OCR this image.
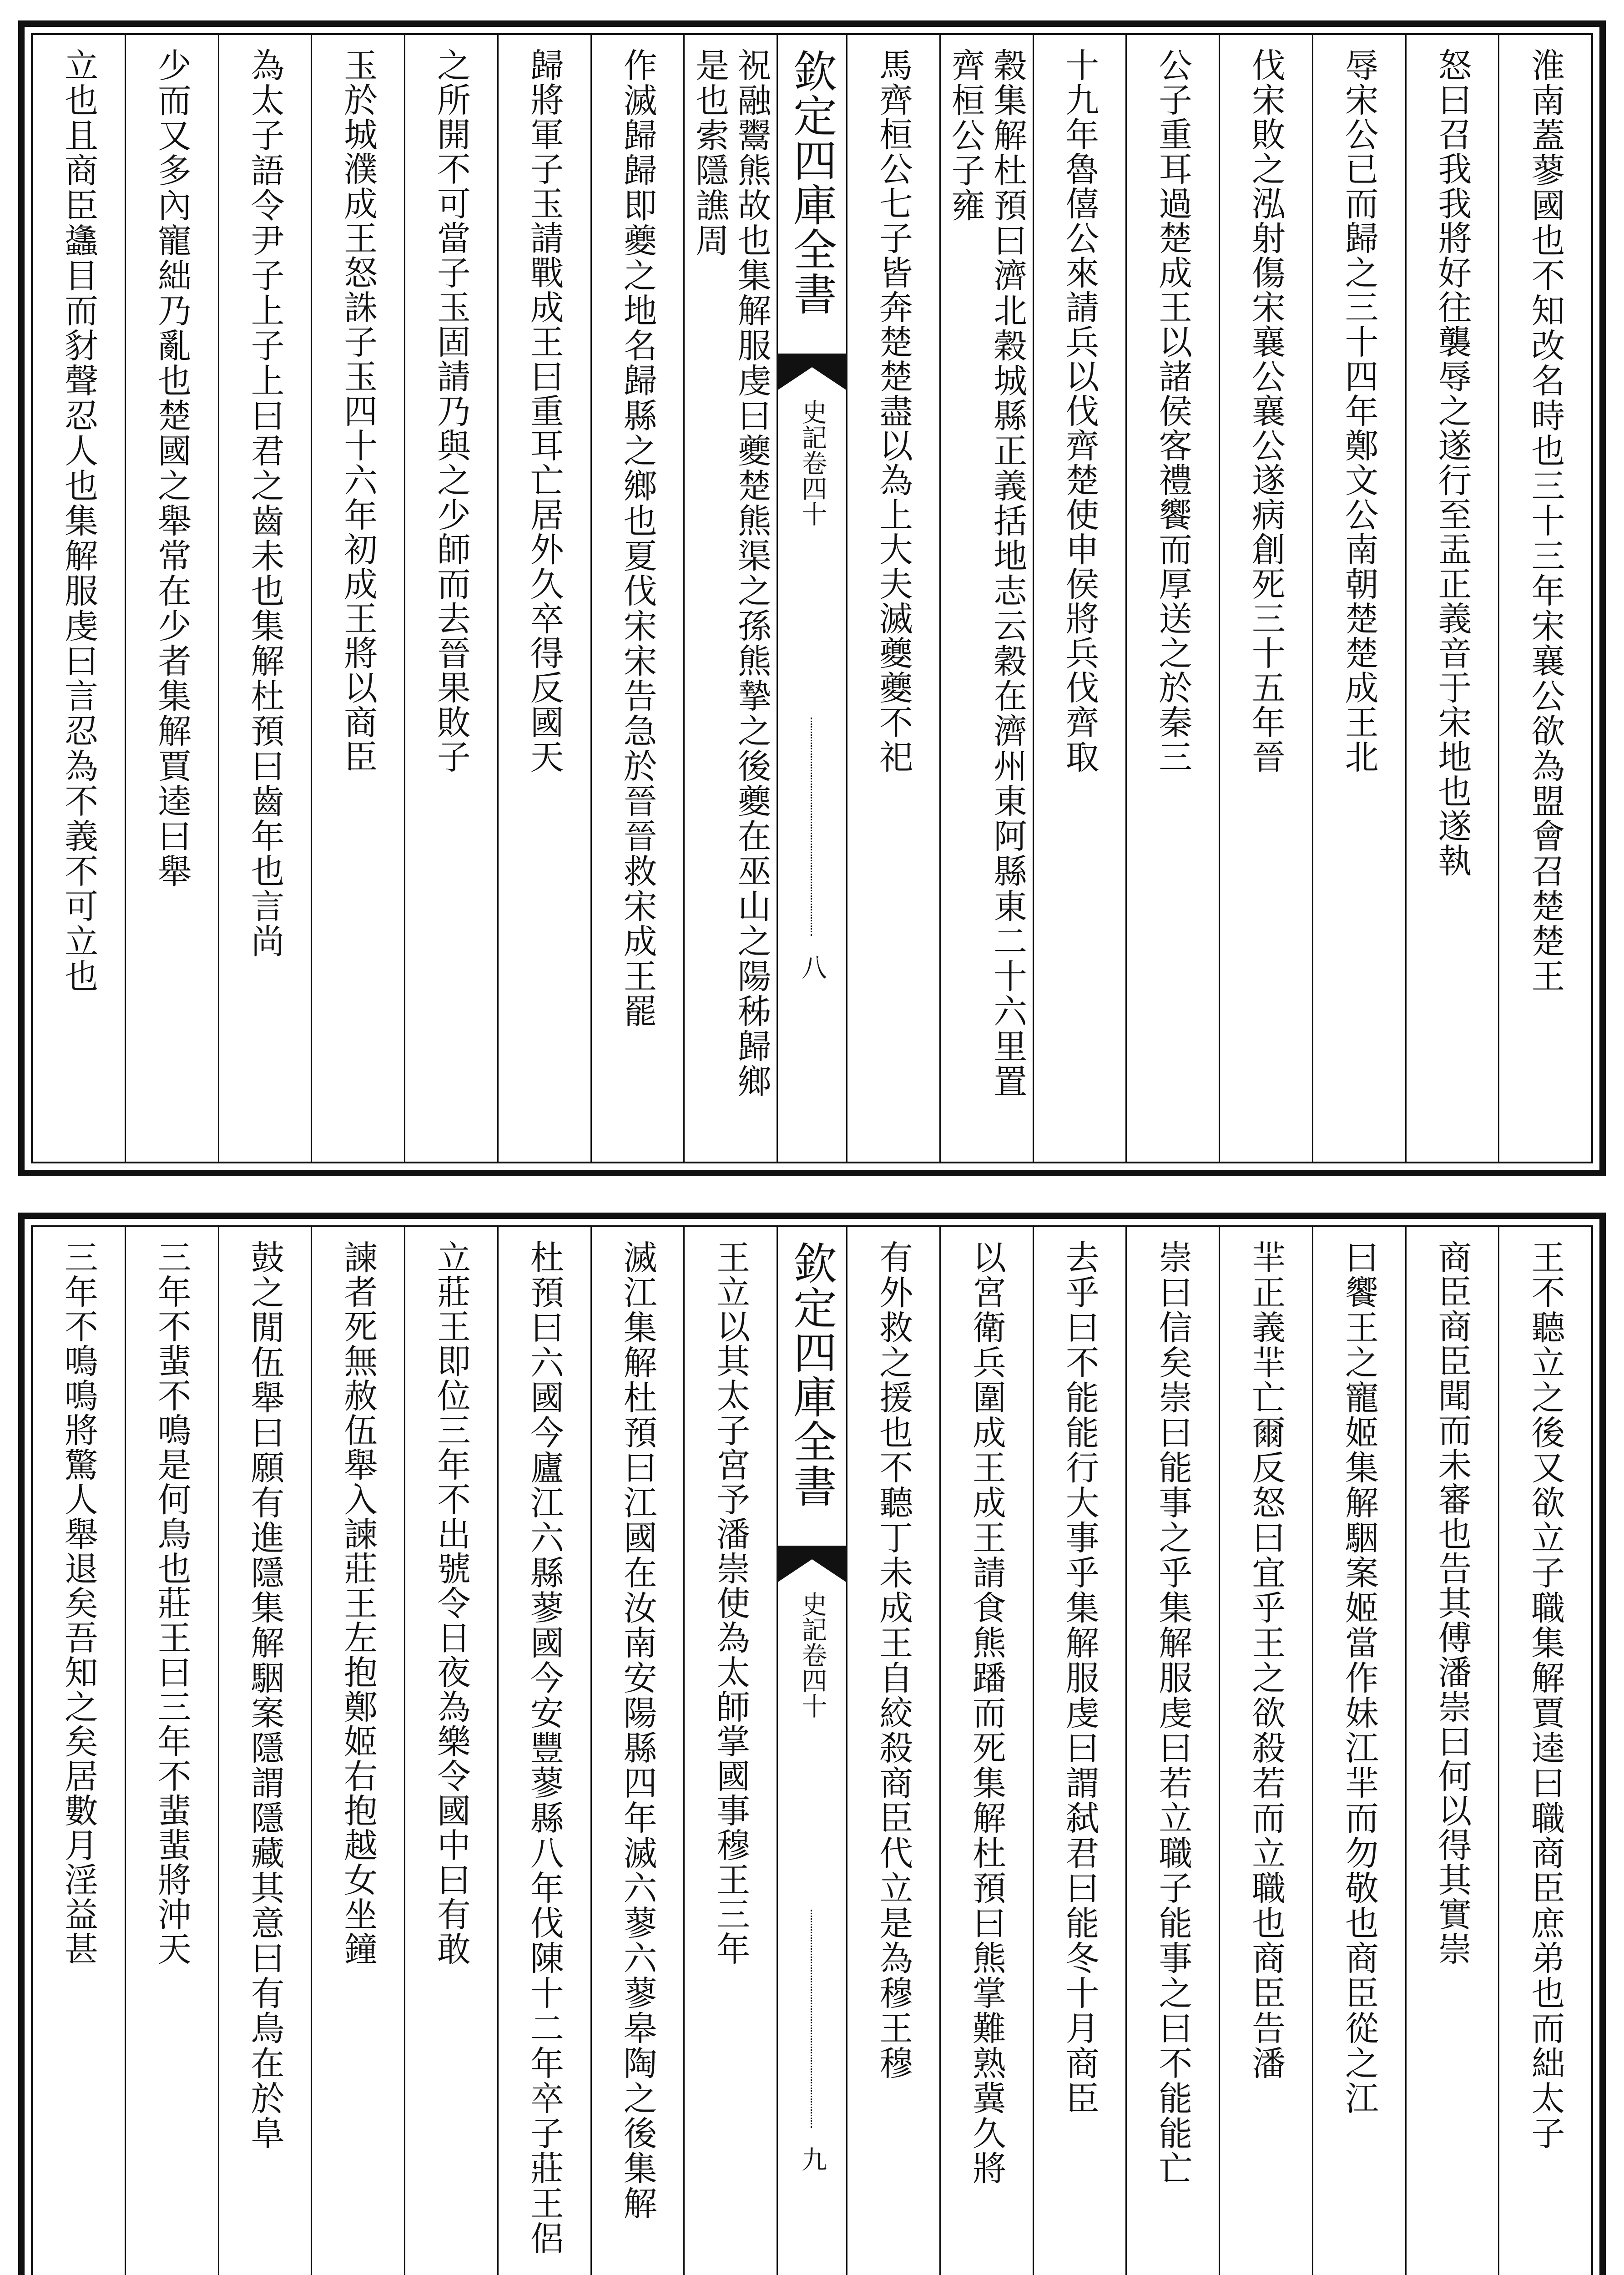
淮南蓋蓼國也不知改名時也三十三年宋襄公欲為盟會召楚楚王
怒曰召我我將好往襲辱之遂行至盂正義音于宋地也遂執
辱宋公已而歸之三十四年鄭文公南朝楚楚成王北
伐宋敗之泓射傷宋襄公襄公遂病創死三十五年晉
公子重耳過楚成王以諸侯客禮饗而厚送之於秦三
十九年魯僖公來請兵以伐齊楚使申侯將兵伐齊取
穀集解杜預曰濟北穀城縣正義括地志云穀在濟州東阿縣東二十六里置齊桓公子雍
馬齊桓公七子皆奔楚楚盡以為上大夫滅夔夔不祀
欽定四庫全書
史記卷四十
八
祝融鬻熊故也集解服虔曰夔楚熊渠之孫熊摯之後夔在巫山之陽秭歸鄉是也索隱譙周
作滅歸歸即夔之地名歸縣之鄉也夏伐宋宋告急於晉晉救宋成王罷
歸將軍子玉請戰成王曰重耳亡居外久卒得反國天
之所開不可當子玉固請乃與之少師而去晉果敗子
玉於城濮成王怒誅子玉四十六年初成王將以商臣
為太子語令尹子上子上曰君之齒未也集解杜預曰齒年也言尚
少而又多內寵絀乃亂也楚國之舉常在少者集解賈逵曰舉
立也且商臣蠭目而豺聲忍人也集解服虔曰言忍為不義不可立也
王不聽立之後又欲立子職集解賈逵曰職商臣庶弟也而絀太子
商臣商臣聞而未審也告其傅潘崇曰何以得其實崇
曰饗王之寵姬集解駰案姬當作妹江羋而勿敬也商臣從之江
羋正義羋亡爾反怒曰宜乎王之欲殺若而立職也商臣告潘
崇曰信矣崇曰能事之乎集解服虔曰若立職子能事之曰不能能亡
去乎曰不能能行大事乎集解服虔曰謂弑君曰能冬十月商臣
以宮衛兵圍成王成王請食熊蹯而死集解杜預曰熊掌難熟冀久將
有外救之援也不聽丁未成王自絞殺商臣代立是為穆王穆
欽定四庫全書
史記卷四十
九
王立以其太子宮予潘崇使為太師掌國事穆王三年
滅江集解杜預曰江國在汝南安陽縣四年滅六蓼六蓼皋陶之後集解
杜預曰六國今廬江六縣蓼國今安豐蓼縣八年伐陳十二年卒子莊王侶
立莊王即位三年不出號令日夜為樂令國中曰有敢
諫者死無赦伍舉入諫莊王左抱鄭姬右抱越女坐鐘
鼓之閒伍舉曰願有進隱集解駰案隱謂隱藏其意曰有鳥在於阜
三年不蜚不鳴是何鳥也莊王曰三年不蜚蜚將沖天
三年不鳴鳴將驚人舉退矣吾知之矣居數月淫益甚
